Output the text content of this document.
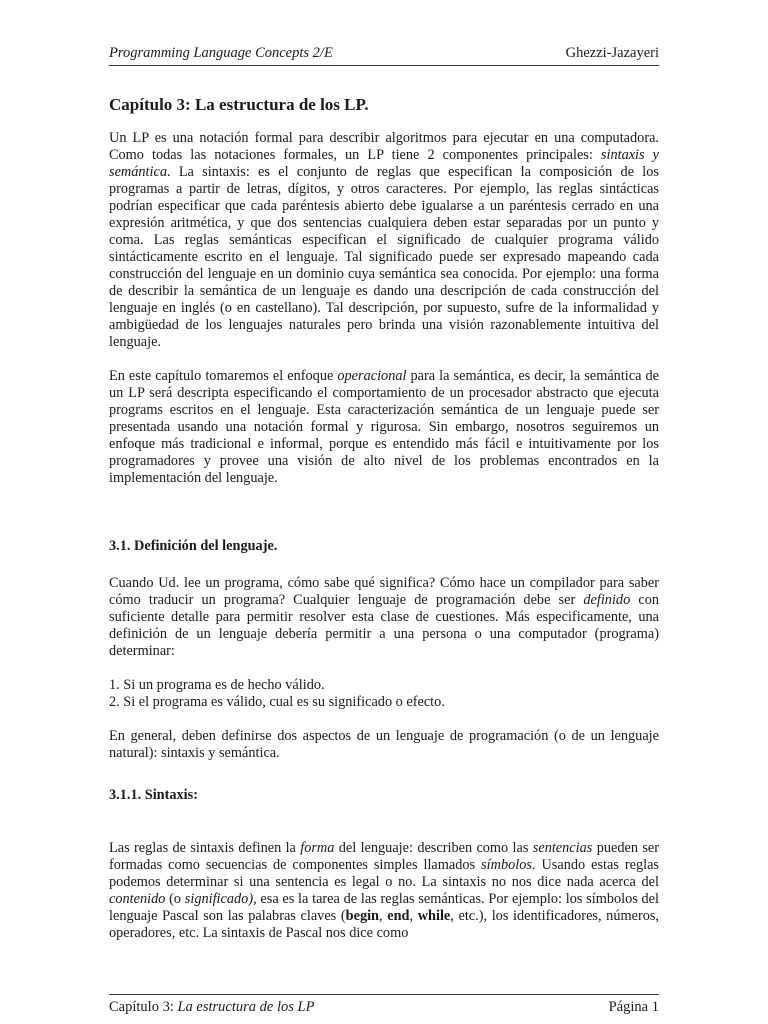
Programming Language Concepts 2/E	Ghezzi-Jazayeri
Capítulo 3: La estructura de los LP.

Un LP es una notación formal para describir algoritmos para ejecutar en una computadora. Como todas las notaciones formales, un LP tiene 2 componentes principales: sintaxis y semántica. La sintaxis: es el conjunto de reglas que especifican la composición de los programas a partir de letras, dígitos, y otros caracteres. Por ejemplo, las reglas sintácticas podrían especificar que cada paréntesis abierto debe igualarse a un paréntesis cerrado en una expresión aritmética, y que dos sentencias cualquiera deben estar separadas por un punto y coma. Las reglas semánticas especifican el significado de cualquier programa válido sintácticamente escrito en el lenguaje. Tal significado puede ser expresado mapeando cada construcción del lenguaje en un dominio cuya semántica sea conocida. Por ejemplo: una forma de describir la semántica de un lenguaje es dando una descripción de cada construcción del lenguaje en inglés (o en castellano). Tal descripción, por supuesto, sufre de la informalidad y ambigüedad de los lenguajes naturales pero brinda una visión razonablemente intuitiva del lenguaje.

En este capítulo tomaremos el enfoque operacional para la semántica, es decir, la semántica de un LP será descripta especificando el comportamiento de un procesador abstracto que ejecuta programs escritos en el lenguaje. Esta caracterización semántica de un lenguaje puede ser presentada usando una notación formal y rigurosa. Sin embargo, nosotros seguiremos un enfoque más tradicional e informal, porque es entendido más fácil e intuitivamente por los programadores y provee una visión de alto nivel de los problemas encontrados en la implementación del lenguaje.

3.1. Definición del lenguaje.

Cuando Ud. lee un programa, cómo sabe qué significa? Cómo hace un compilador para saber cómo traducir un programa? Cualquier lenguaje de programación debe ser definido con suficiente detalle para permitir resolver esta clase de cuestiones. Más especificamente, una definición de un lenguaje debería permitir a una persona o una computador (programa) determinar:

1. Si un programa es de hecho válido.

2. Si el programa es válido, cual es su significado o efecto.

En general, deben definirse dos aspectos de un lenguaje de programación (o de un lenguaje natural): sintaxis y semántica.

3.1.1. Sintaxis:

Las reglas de sintaxis definen la forma del lenguaje: describen como las sentencias pueden ser formadas como secuencias de componentes simples llamados símbolos. Usando estas reglas podemos determinar si una sentencia es legal o no. La sintaxis no nos dice nada acerca del contenido (o significado), esa es la tarea de las reglas semánticas. Por ejemplo: los símbolos del lenguaje Pascal son las palabras claves (begin, end, while, etc.), los identificadores, números, operadores, etc. La sintaxis de Pascal nos dice como

Capítulo 3: La estructura de los LP	Página 1
